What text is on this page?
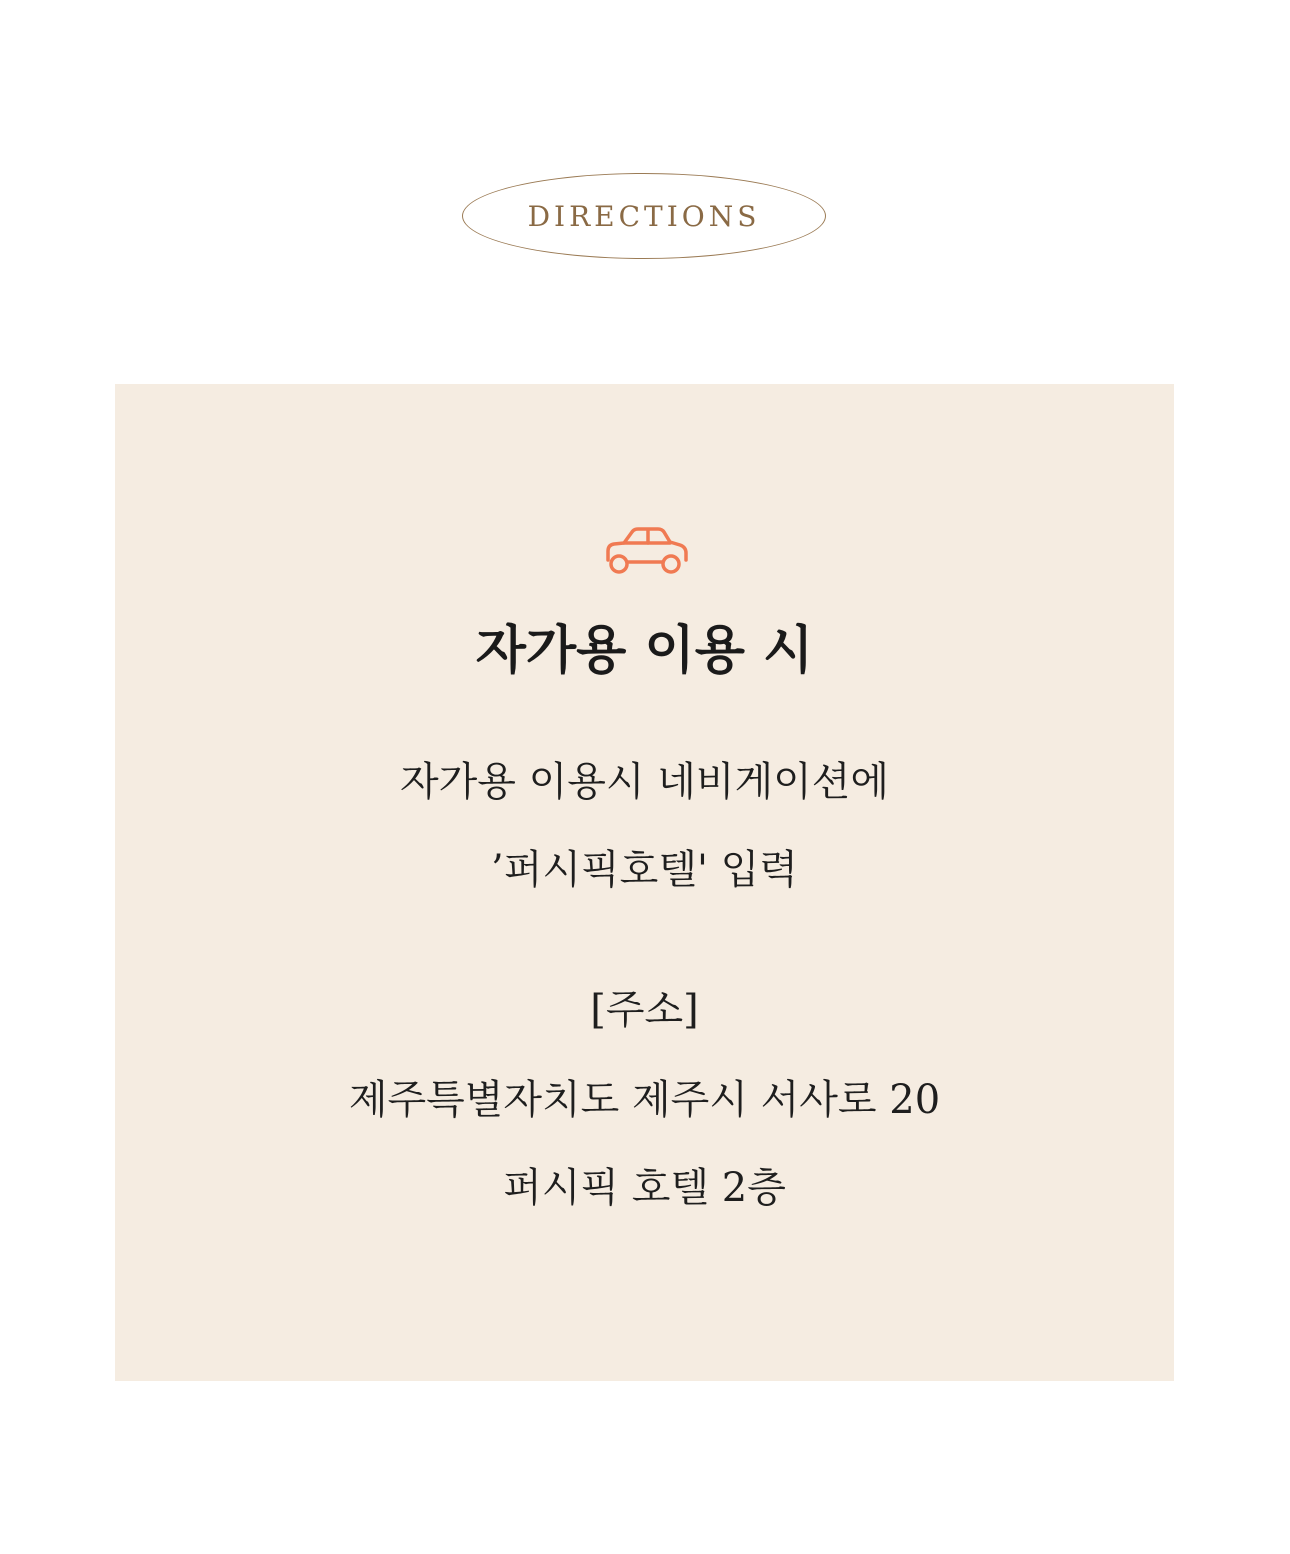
DIRECTIONS
자가용 이용 시
자가용 이용시 네비게이션에
’퍼시픽호텔' 입력
[주소]
제주특별자치도 제주시 서사로 20
퍼시픽 호텔 2층
